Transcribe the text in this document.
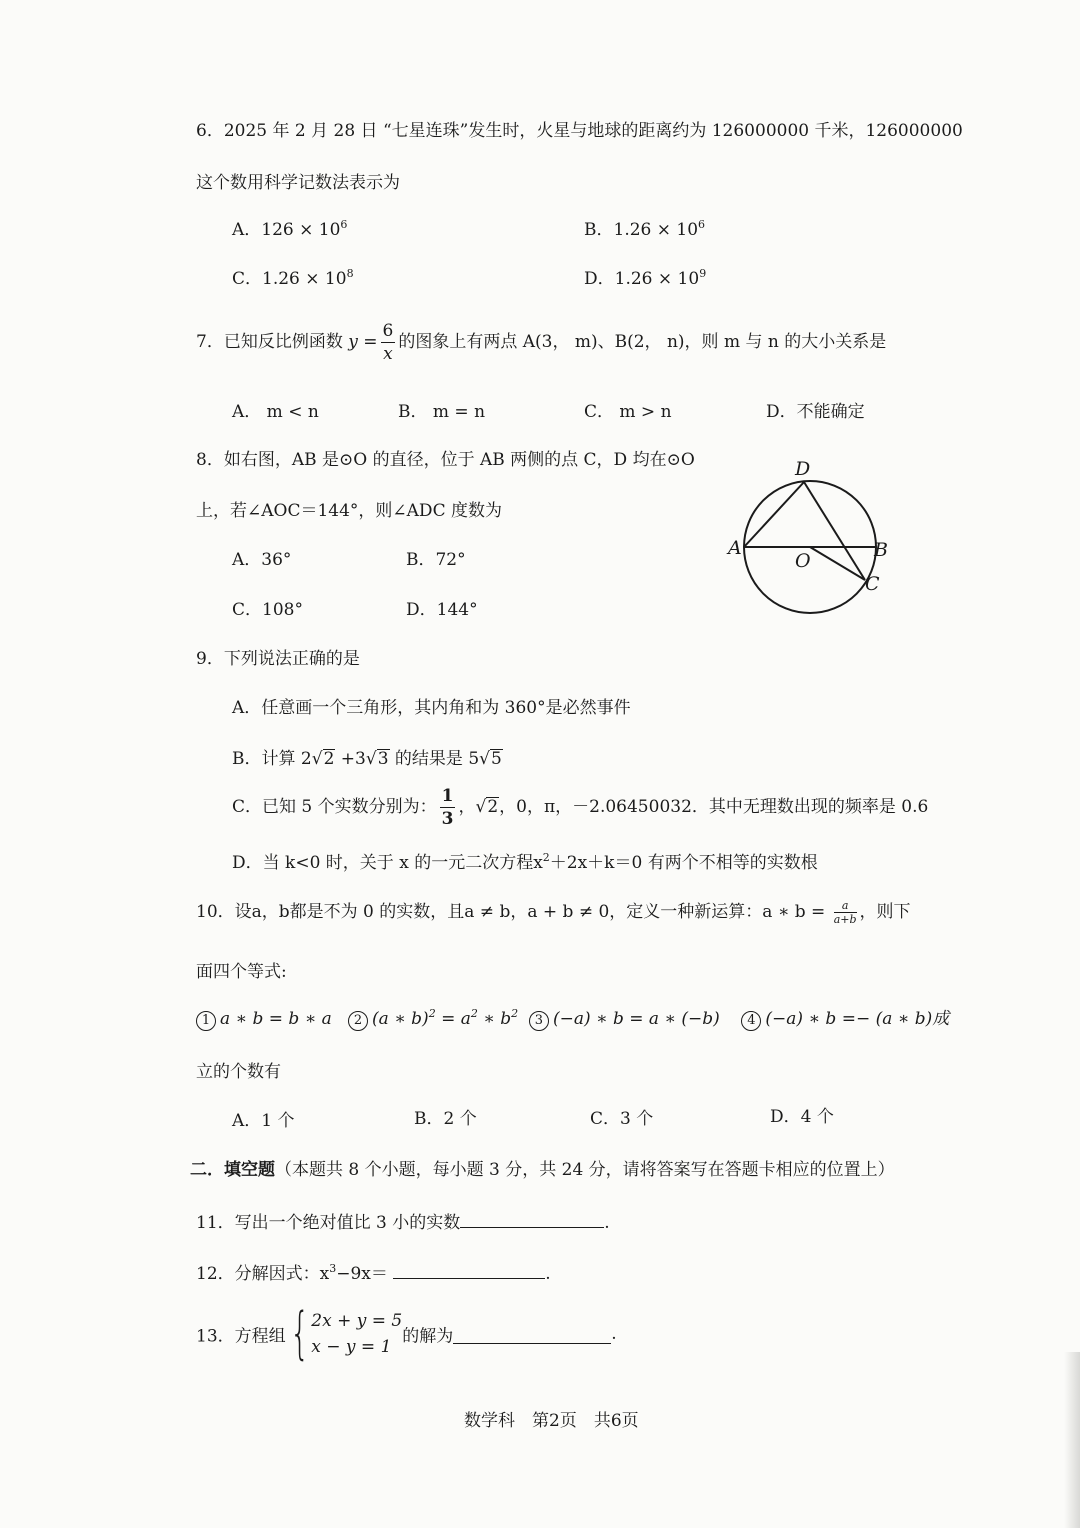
6．2025 年 2 月 28 日 “七星连珠”发生时，火星与地球的距离约为 126000000 千米，126000000
这个数用科学记数法表示为
A．$126 \times 10^6$	B．$1.26 \times 10^6$
C．$1.26 \times 10^8$	D．$1.26 \times 10^9$
7．已知反比例函数 $y = \frac{6}{x}$ 的图象上有两点 A(3， m)、B(2， n)，则 m 与 n 的大小关系是
A． m < n	B． m = n	C． m > n	D．不能确定
8．如右图，AB 是⊙O 的直径，位于 AB 两侧的点 C，D 均在⊙O
上，若∠AOC＝144°，则∠ADC 度数为
A．36°	B．72°
C．108°	D．144°
A	B
C
D
O
9．下列说法正确的是
A．任意画一个三角形，其内角和为 360°是必然事件
B．计算 2√2 +3√3 的结果是 5√5
C．已知 5 个实数分别为： $\frac{1}{3}$ ，√2，0，π，－2.06450032．其中无理数出现的频率是 0.6
D．当 k<0 时，关于 x 的一元二次方程$x^2+2x+k=0$ 有两个不相等的实数根
10．设a，b都是不为 0 的实数，且a ≠ b，a + b ≠ 0，定义一种新运算：a ∗ $b = \frac{a}{a+b}$ ，则下
面四个等式:
1 a ∗ b = b ∗ a 2 (a ∗ $b)^2 = a^2$ ∗ $b^2$ 3 (−a) ∗ b = a ∗ (−b) 4 (−a) ∗ b =− (a ∗ b)成
立的个数有
A．1 个	B．2 个	C．3 个	D．4 个
二．填空题（本题共 8 个小题，每小题 3 分，共 24 分，请将答案写在答题卡相应的位置上）
11．写出一个绝对值比 3 小的实数	.
12．分解因式：$x^3-9x=$	.
13．方程组{ 2x + y = 5
x − y = 1
的解为	.
数学科　第2页　共6页
